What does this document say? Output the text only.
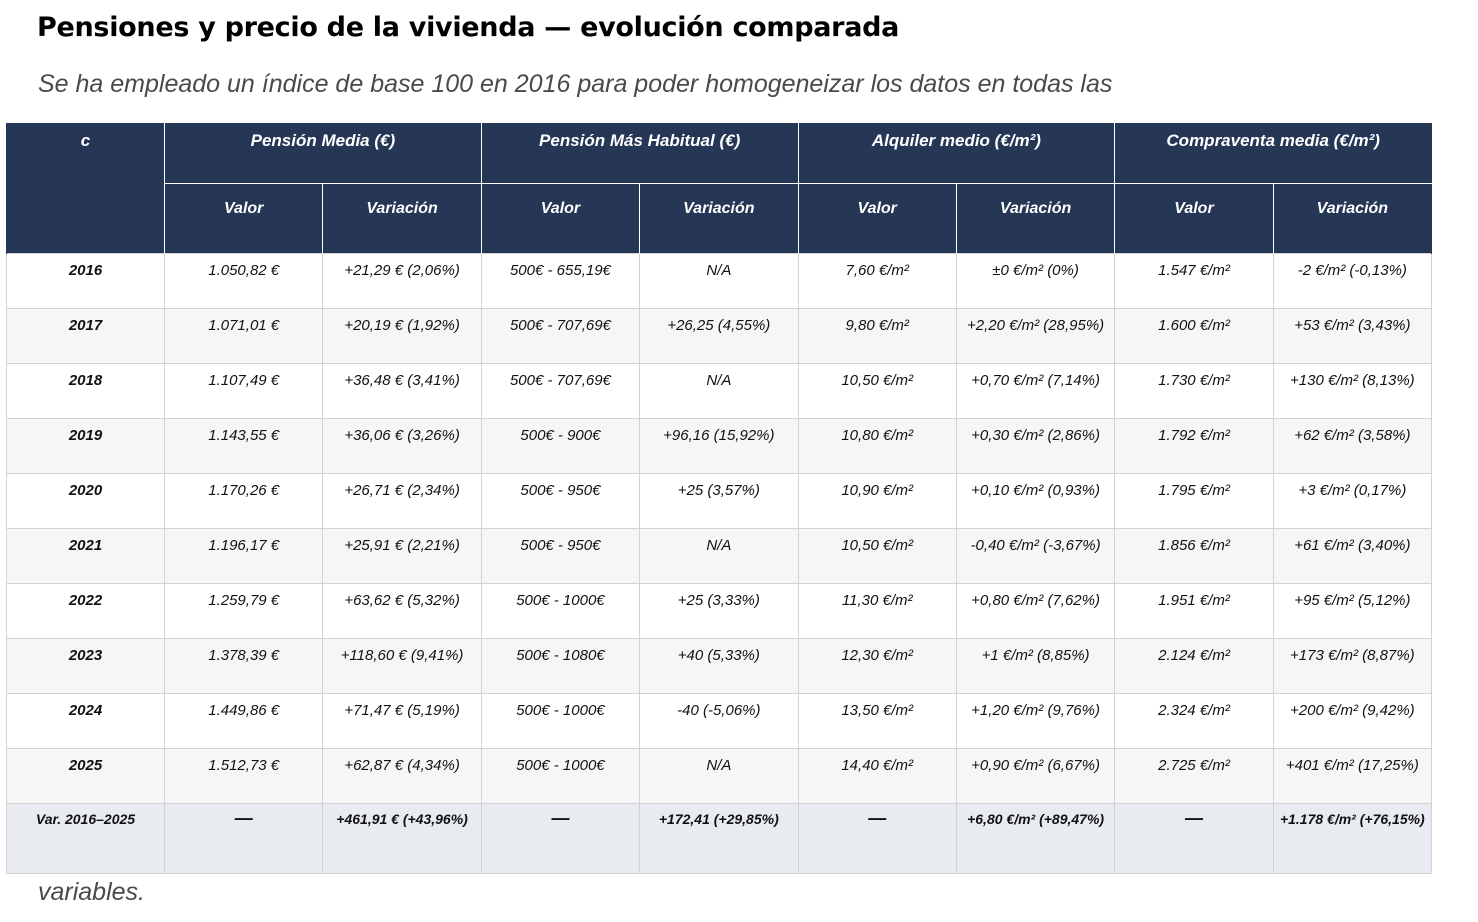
Pensiones y precio de la vivienda — evolución comparada
Se ha empleado un índice de base 100 en 2016 para poder homogeneizar los datos en todas las
c	Pensión Media (€)		Pensión Más Habitual (€)		Alquiler medio (€/m²)		Compraventa media (€/m²)	
	Valor	Variación	Valor	Variación	Valor	Variación	Valor	Variación
2016	1.050,82 €	+21,29 € (2,06%)	500€ - 655,19€	N/A	7,60 €/m²	±0 €/m² (0%)	1.547 €/m²	-2 €/m² (-0,13%)
2017	1.071,01 €	+20,19 € (1,92%)	500€ - 707,69€	+26,25 (4,55%)	9,80 €/m²	+2,20 €/m² (28,95%)	1.600 €/m²	+53 €/m² (3,43%)
2018	1.107,49 €	+36,48 € (3,41%)	500€ - 707,69€	N/A	10,50 €/m²	+0,70 €/m² (7,14%)	1.730 €/m²	+130 €/m² (8,13%)
2019	1.143,55 €	+36,06 € (3,26%)	500€ - 900€	+96,16 (15,92%)	10,80 €/m²	+0,30 €/m² (2,86%)	1.792 €/m²	+62 €/m² (3,58%)
2020	1.170,26 €	+26,71 € (2,34%)	500€ - 950€	+25 (3,57%)	10,90 €/m²	+0,10 €/m² (0,93%)	1.795 €/m²	+3 €/m² (0,17%)
2021	1.196,17 €	+25,91 € (2,21%)	500€ - 950€	N/A	10,50 €/m²	-0,40 €/m² (-3,67%)	1.856 €/m²	+61 €/m² (3,40%)
2022	1.259,79 €	+63,62 € (5,32%)	500€ - 1000€	+25 (3,33%)	11,30 €/m²	+0,80 €/m² (7,62%)	1.951 €/m²	+95 €/m² (5,12%)
2023	1.378,39 €	+118,60 € (9,41%)	500€ - 1080€	+40 (5,33%)	12,30 €/m²	+1 €/m² (8,85%)	2.124 €/m²	+173 €/m² (8,87%)
2024	1.449,86 €	+71,47 € (5,19%)	500€ - 1000€	-40 (-5,06%)	13,50 €/m²	+1,20 €/m² (9,76%)	2.324 €/m²	+200 €/m² (9,42%)
2025	1.512,73 €	+62,87 € (4,34%)	500€ - 1000€	N/A	14,40 €/m²	+0,90 €/m² (6,67%)	2.725 €/m²	+401 €/m² (17,25%)
Var. 2016–2025	—	+461,91 € (+43,96%)	—	+172,41 (+29,85%)	—	+6,80 €/m² (+89,47%)	—	+1.178 €/m² (+76,15%)
variables.
